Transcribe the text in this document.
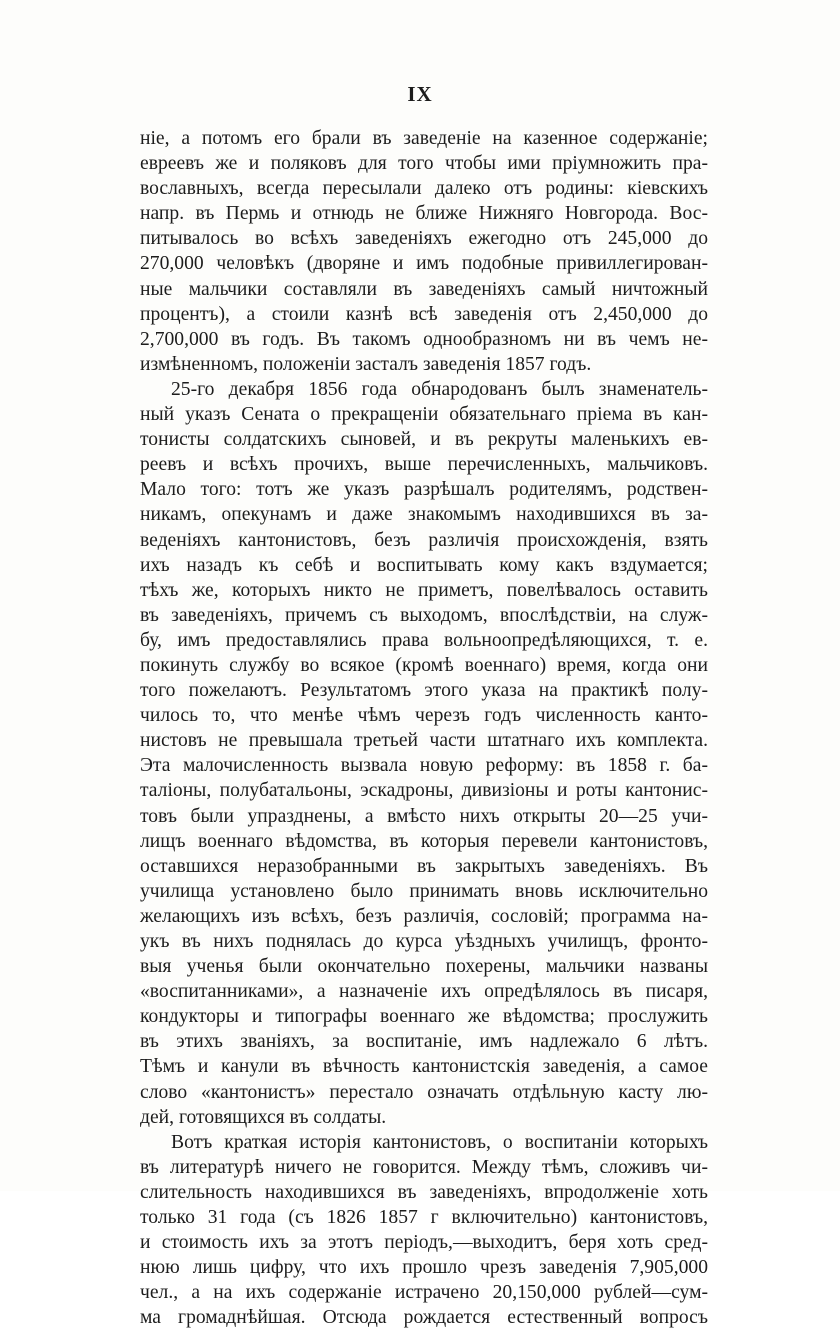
IX
ніе, а потомъ его брали въ заведеніе на казенное содержаніе;
евреевъ же и поляковъ для того чтобы ими пріумножить пра-
вославныхъ, всегда пересылали далеко отъ родины: кіевскихъ
напр. въ Пермь и отнюдь не ближе Нижняго Новгорода. Вос-
питывалось во всѣхъ заведеніяхъ ежегодно отъ 245,000 до
270,000 человѣкъ (дворяне и имъ подобные привиллегирован-
ные мальчики составляли въ заведеніяхъ самый ничтожный
процентъ), а стоили казнѣ всѣ заведенія отъ 2,450,000 до
2,700,000 въ годъ. Въ такомъ однообразномъ ни въ чемъ не-
измѣненномъ, положеніи засталъ заведенія 1857 годъ.
25-го декабря 1856 года обнародованъ былъ знаменатель-
ный указъ Сената о прекращеніи обязательнаго пріема въ кан-
тонисты солдатскихъ сыновей, и въ рекруты маленькихъ ев-
реевъ и всѣхъ прочихъ, выше перечисленныхъ, мальчиковъ.
Мало того: тотъ же указъ разрѣшалъ родителямъ, родствен-
никамъ, опекунамъ и даже знакомымъ находившихся въ за-
веденіяхъ кантонистовъ, безъ различія происхожденія, взять
ихъ назадъ къ себѣ и воспитывать кому какъ вздумается;
тѣхъ же, которыхъ никто не приметъ, повелѣвалось оставить
въ заведеніяхъ, причемъ съ выходомъ, впослѣдствіи, на служ-
бу, имъ предоставлялись права вольноопредѣляющихся, т. е.
покинуть службу во всякое (кромѣ военнаго) время, когда они
того пожелаютъ. Результатомъ этого указа на практикѣ полу-
чилось то, что менѣе чѣмъ черезъ годъ численность канто-
нистовъ не превышала третьей части штатнаго ихъ комплекта.
Эта малочисленность вызвала новую реформу: въ 1858 г. ба-
таліоны, полубатальоны, эскадроны, дивизіоны и роты кантонис-
товъ были упразднены, а вмѣсто нихъ открыты 20—25 учи-
лищъ военнаго вѣдомства, въ которыя перевели кантонистовъ,
оставшихся неразобранными въ закрытыхъ заведеніяхъ. Въ
училища установлено было принимать вновь исключительно
желающихъ изъ всѣхъ, безъ различія, сословій; программа на-
укъ въ нихъ поднялась до курса уѣздныхъ училищъ, фронто-
выя ученья были окончательно похерены, мальчики названы
«воспитанниками», а назначеніе ихъ опредѣлялось въ писаря,
кондукторы и типографы военнаго же вѣдомства; прослужить
въ этихъ званіяхъ, за воспитаніе, имъ надлежало 6 лѣтъ.
Тѣмъ и канули въ вѣчность кантонистскія заведенія, а самое
слово «кантонистъ» перестало означать отдѣльную касту лю-
дей, готовящихся въ солдаты.
Вотъ краткая исторія кантонистовъ, о воспитаніи которыхъ
въ литературѣ ничего не говорится. Между тѣмъ, сложивъ чи-
слительность находившихся въ заведеніяхъ, впродолженіе хоть
только 31 года (съ 1826 1857 г включительно) кантонистовъ,
и стоимость ихъ за этотъ періодъ,—выходитъ, беря хоть сред-
нюю лишь цифру, что ихъ прошло чрезъ заведенія 7,905,000
чел., а на ихъ содержаніе истрачено 20,150,000 рублей—сум-
ма громаднѣйшая. Отсюда рождается естественный вопросъ
